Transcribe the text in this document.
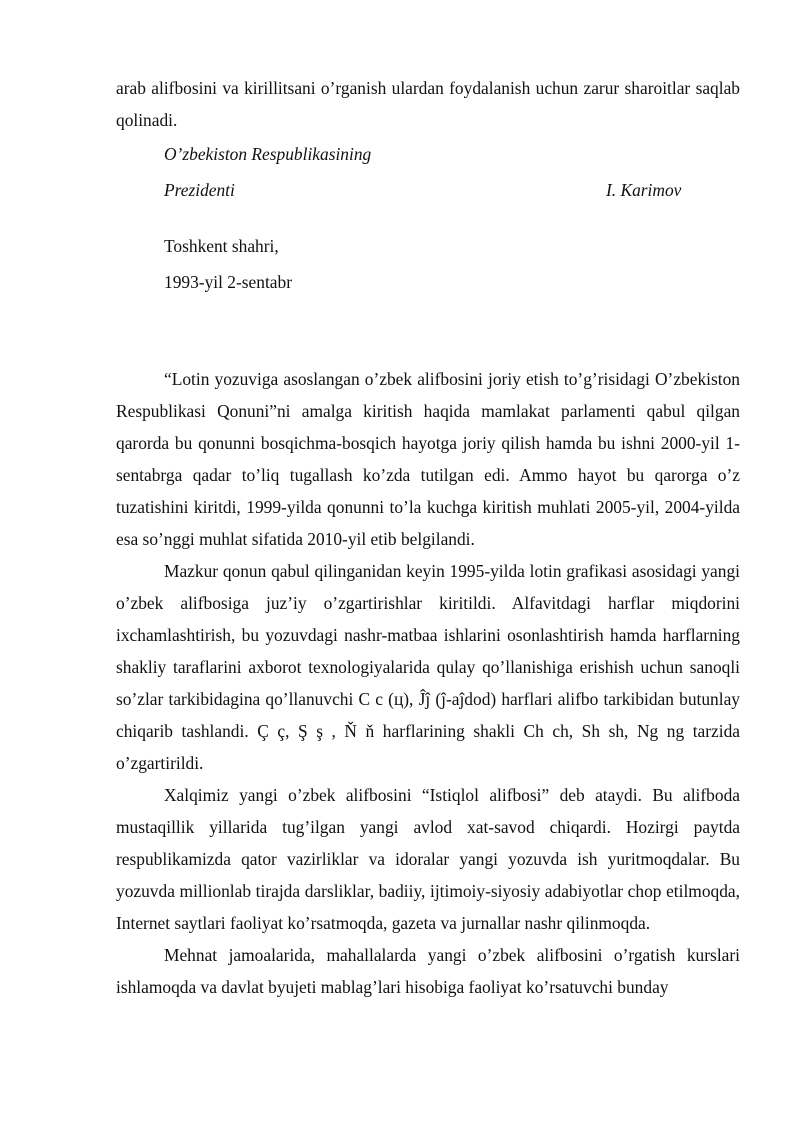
arab alifbosini va kirillitsani o’rganish ulardan foydalanish uchun zarur sharoitlar saqlab qolinadi.

O’zbekiston Respublikasining

Prezidenti	I. Karimov

Toshkent shahri,

1993-yil 2-sentabr

“Lotin yozuviga asoslangan o’zbek alifbosini joriy etish to’g’risidagi O’zbekiston Respublikasi Qonuni”ni amalga kiritish haqida mamlakat parlamenti qabul qilgan qarorda bu qonunni bosqichma-bosqich hayotga joriy qilish hamda bu ishni 2000-yil 1-sentabrga qadar to’liq tugallash ko’zda tutilgan edi. Ammo hayot bu qarorga o’z tuzatishini kiritdi, 1999-yilda qonunni to’la kuchga kiritish muhlati 2005-yil, 2004-yilda esa so’nggi muhlat sifatida 2010-yil etib belgilandi.

Mazkur qonun qabul qilinganidan keyin 1995-yilda lotin grafikasi asosidagi yangi o’zbek alifbosiga juz’iy o’zgartirishlar kiritildi. Alfavitdagi harflar miqdorini ixchamlashtirish, bu yozuvdagi nashr-matbaa ishlarini osonlashtirish hamda harflarning shakliy taraflarini axborot texnologiyalarida qulay qo’llanishiga erishish uchun sanoqli so’zlar tarkibidagina qo’llanuvchi C c (ц), Ĵĵ (ĵ-aĵdod) harflari alifbo tarkibidan butunlay chiqarib tashlandi. Ç ç, Ş ş , Ň ň harflarining shakli Ch ch, Sh sh, Ng ng tarzida o’zgartirildi.

Xalqimiz yangi o’zbek alifbosini “Istiqlol alifbosi” deb ataydi. Bu alifboda mustaqillik yillarida tug’ilgan yangi avlod xat-savod chiqardi. Hozirgi paytda respublikamizda qator vazirliklar va idoralar yangi yozuvda ish yuritmoqdalar. Bu yozuvda millionlab tirajda darsliklar, badiiy, ijtimoiy-siyosiy adabiyotlar chop etilmoqda, Internet saytlari faoliyat ko’rsatmoqda, gazeta va jurnallar nashr qilinmoqda.

Mehnat jamoalarida, mahallalarda yangi o’zbek alifbosini o’rgatish kurslari ishlamoqda va davlat byujeti mablag’lari hisobiga faoliyat ko’rsatuvchi bunday
